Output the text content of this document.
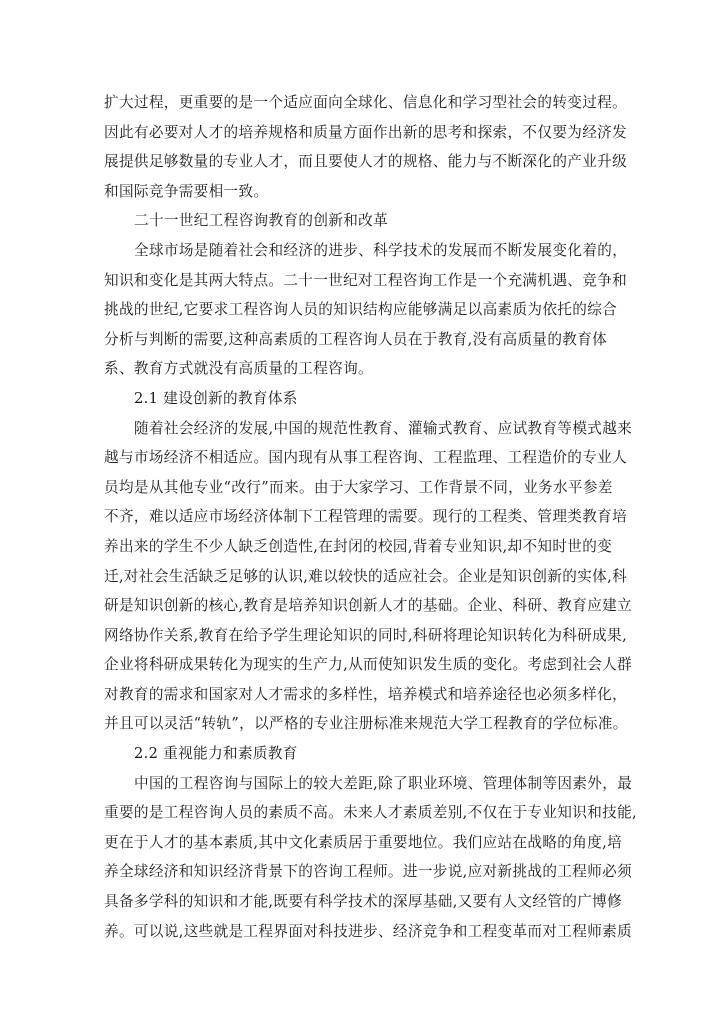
扩大过程，更重要的是一个适应面向全球化、信息化和学习型社会的转变过程。
因此有必要对人才的培养规格和质量方面作出新的思考和探索，不仅要为经济发
展提供足够数量的专业人才，而且要使人才的规格、能力与不断深化的产业升级
和国际竞争需要相一致。

二十一世纪工程咨询教育的创新和改革

全球市场是随着社会和经济的进步、科学技术的发展而不断发展变化着的，
知识和变化是其两大特点。二十一世纪对工程咨询工作是一个充满机遇、竞争和
挑战的世纪,它要求工程咨询人员的知识结构应能够满足以高素质为依托的综合
分析与判断的需要,这种高素质的工程咨询人员在于教育,没有高质量的教育体
系、教育方式就没有高质量的工程咨询。

2.1 建设创新的教育体系

随着社会经济的发展,中国的规范性教育、灌输式教育、应试教育等模式越来
越与市场经济不相适应。国内现有从事工程咨询、工程监理、工程造价的专业人
员均是从其他专业“改行”而来。由于大家学习、工作背景不同，业务水平参差
不齐，难以适应市场经济体制下工程管理的需要。现行的工程类、管理类教育培
养出来的学生不少人缺乏创造性,在封闭的校园,背着专业知识,却不知时世的变
迁,对社会生活缺乏足够的认识,难以较快的适应社会。企业是知识创新的实体,科
研是知识创新的核心,教育是培养知识创新人才的基础。企业、科研、教育应建立
网络协作关系,教育在给予学生理论知识的同时,科研将理论知识转化为科研成果,
企业将科研成果转化为现实的生产力,从而使知识发生质的变化。考虑到社会人群
对教育的需求和国家对人才需求的多样性，培养模式和培养途径也必须多样化，
并且可以灵活“转轨”，以严格的专业注册标准来规范大学工程教育的学位标准。

2.2 重视能力和素质教育

中国的工程咨询与国际上的较大差距,除了职业环境、管理体制等因素外，最
重要的是工程咨询人员的素质不高。未来人才素质差别,不仅在于专业知识和技能,
更在于人才的基本素质,其中文化素质居于重要地位。我们应站在战略的角度,培
养全球经济和知识经济背景下的咨询工程师。进一步说,应对新挑战的工程师必须
具备多学科的知识和才能,既要有科学技术的深厚基础,又要有人文经管的广博修
养。可以说,这些就是工程界面对科技进步、经济竞争和工程变革而对工程师素质
